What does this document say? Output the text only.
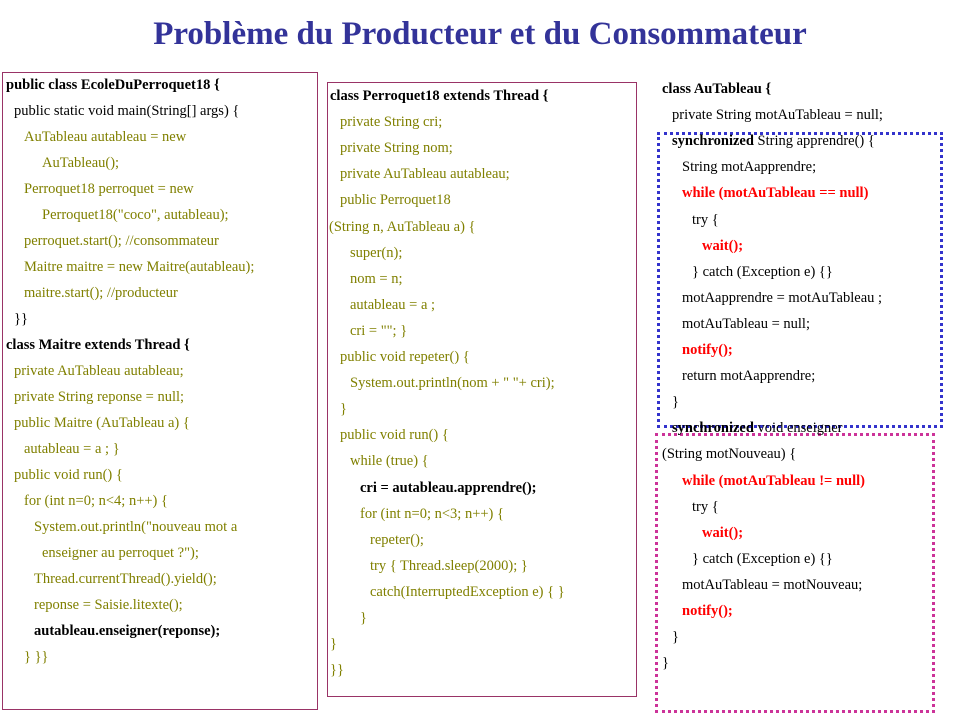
Problème du Producteur et du Consommateur
public class EcoleDuPerroquet18 {
public static void main(String[] args) {
AuTableau autableau = new
AuTableau();
Perroquet18 perroquet = new
Perroquet18("coco", autableau);
perroquet.start(); //consommateur
Maitre maitre = new Maitre(autableau);
maitre.start(); //producteur
}}
class Maitre extends Thread {
private AuTableau autableau;
private String reponse = null;
public Maitre (AuTableau a) {
autableau = a ; }
public void run() {
for (int n=0; n<4; n++) {
System.out.println("nouveau mot a
enseigner au perroquet ?");
Thread.currentThread().yield();
reponse = Saisie.litexte();
autableau.enseigner(reponse);
} }}
class Perroquet18 extends Thread {
private String cri;
private String nom;
private AuTableau autableau;
public Perroquet18
(String n, AuTableau a) {
super(n);
nom = n;
autableau = a ;
cri = ""; }
public void repeter() {
System.out.println(nom + " "+ cri);
}
public void run() {
while (true) {
cri = autableau.apprendre();
for (int n=0; n<3; n++) {
repeter();
try { Thread.sleep(2000); }
catch(InterruptedException e) { }
}
}
}}
class AuTableau {
private String motAuTableau = null;
synchronized String apprendre() {
String motAapprendre;
while (motAuTableau == null)
try {
wait();
} catch (Exception e) {}
motAapprendre = motAuTableau ;
motAuTableau = null;
notify();
return motAapprendre;
}
synchronized void enseigner
(String motNouveau) {
while (motAuTableau != null)
try {
wait();
} catch (Exception e) {}
motAuTableau = motNouveau;
notify();
}
}
